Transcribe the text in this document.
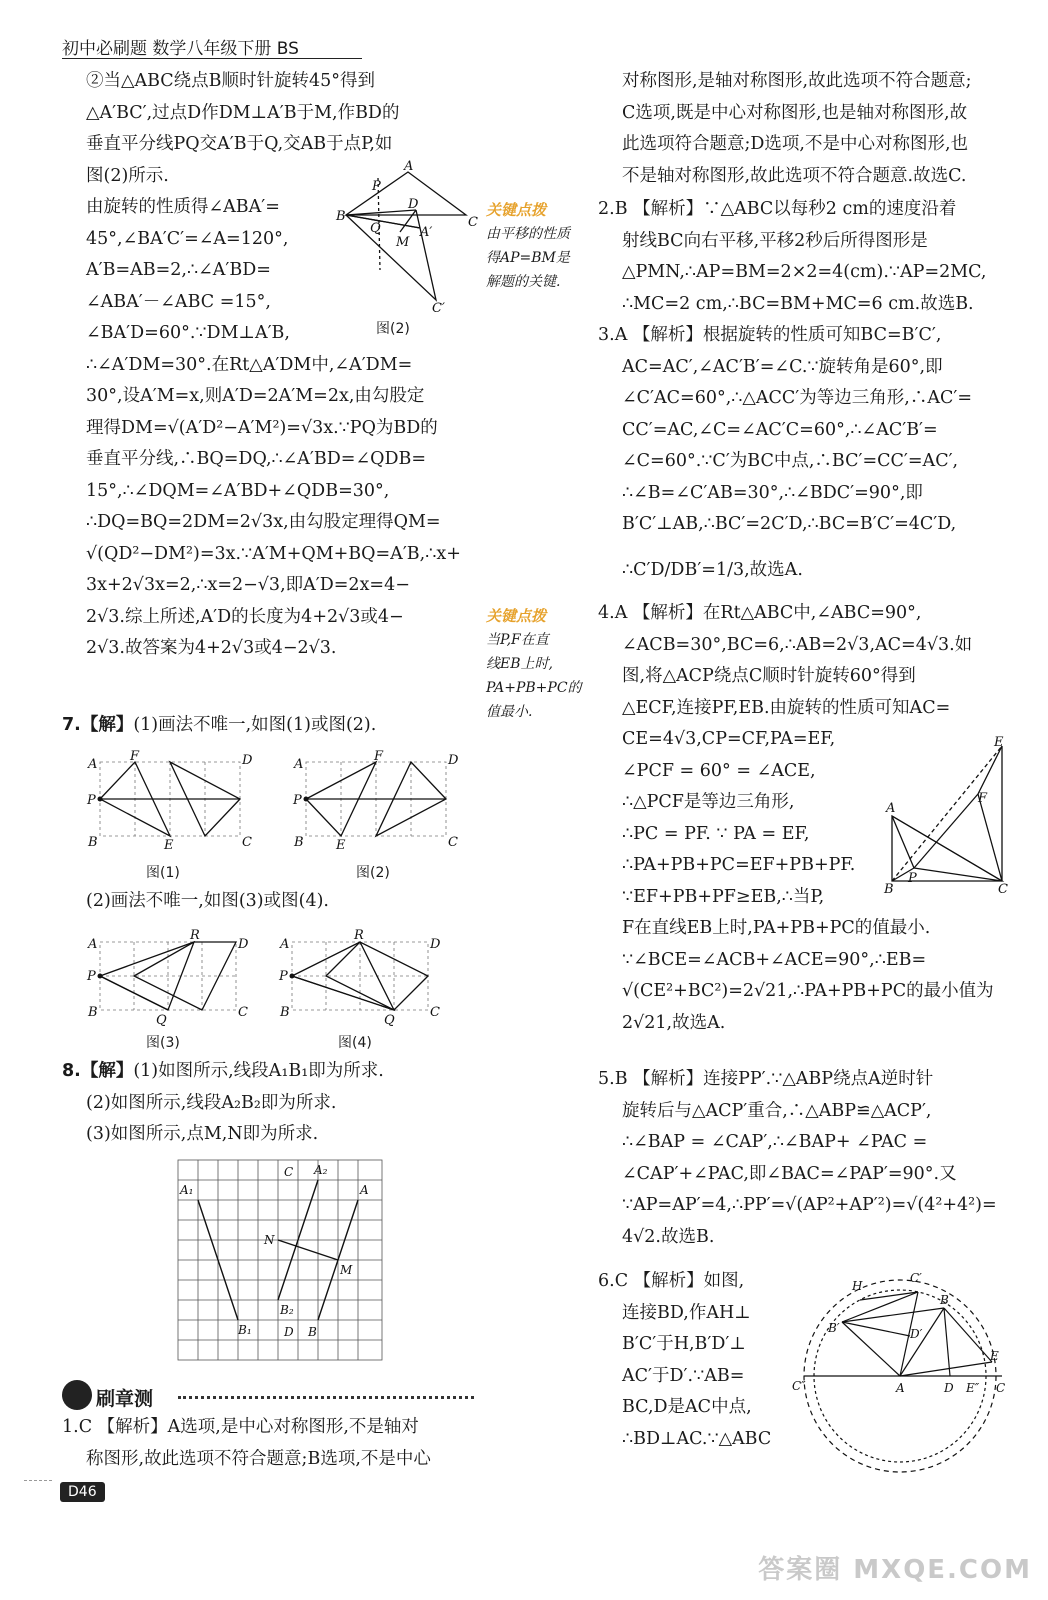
初中必刷题 数学八年级下册 BS

②当△ABC绕点B顺时针旋转45°得到

△A′BC′,过点D作DM⊥A′B于M,作BD的

垂直平分线PQ交A′B于Q,交AB于点P,如

图(2)所示.

由旋转的性质得∠ABA′=

45°,∠BA′C′=∠A=120°,

A′B=AB=2,∴∠A′BD=

∠ABA′－∠ABC =15°,

∠BA′D=60°.∵DM⊥A′B,

∴∠A′DM=30°.在Rt△A′DM中,∠A′DM=

30°,设A′M=x,则A′D=2A′M=2x,由勾股定

理得DM=√(A′D²−A′M²)=√3x.∵PQ为BD的

垂直平分线,∴BQ=DQ,∴∠A′BD=∠QDB=

15°,∴∠DQM=∠A′BD+∠QDB=30°,

∴DQ=BQ=2DM=2√3x,由勾股定理得QM=

√(QD²−DM²)=3x.∵A′M+QM+BQ=A′B,∴x+

3x+2√3x=2,∴x=2−√3,即A′D=2x=4−

2√3.综上所述,A′D的长度为4+2√3或4−

2√3.故答案为4+2√3或4−2√3.

B
A
C
P
D
A′
M
Q
C′
图(2)

7.【解】(1)画法不唯一,如图(1)或图(2).

A
F	D
P
B	E	C
图(1)
A
F	D
P
B E	C
图(2)

(2)画法不唯一,如图(3)或图(4).

A
R
D
P
B
Q
C
图(3)
A
R
D
P
B
Q
C
图(4)

8.【解】(1)如图所示,线段A₁B₁即为所求.

(2)如图所示,线段A₂B₂即为所求.

(3)如图所示,点M,N即为所求.

A₁	A
C A₂
N
M
B₁
B₂
D B
刷章测

1.C 【解析】A选项,是中心对称图形,不是轴对

称图形,故此选项不符合题意;B选项,不是中心

关键点拨
由平移的性质
得AP=BM是
解题的关键.
关键点拨
当P,F在直
线EB上时,
PA+PB+PC的
值最小.

对称图形,是轴对称图形,故此选项不符合题意;

C选项,既是中心对称图形,也是轴对称图形,故

此选项符合题意;D选项,不是中心对称图形,也

不是轴对称图形,故此选项不符合题意.故选C.

2.B 【解析】∵△ABC以每秒2 cm的速度沿着

射线BC向右平移,平移2秒后所得图形是

△PMN,∴AP=BM=2×2=4(cm).∵AP=2MC,

∴MC=2 cm,∴BC=BM+MC=6 cm.故选B.

3.A 【解析】根据旋转的性质可知BC=B′C′,

AC=AC′,∠AC′B′=∠C.∵旋转角是60°,即

∠C′AC=60°,∴△ACC′为等边三角形,∴AC′=

CC′=AC,∠C=∠AC′C=60°,∴∠AC′B′=

∠C=60°.∵C′为BC中点,∴BC′=CC′=AC′,

∴∠B=∠C′AB=30°,∴∠BDC′=90°,即

B′C′⊥AB,∴BC′=2C′D,∴BC=B′C′=4C′D,

∴C′D/DB′=1/3,故选A.

4.A 【解析】在Rt△ABC中,∠ABC=90°,

∠ACB=30°,BC=6,∴AB=2√3,AC=4√3.如

图,将△ACP绕点C顺时针旋转60°得到

△ECF,连接PF,EB.由旋转的性质可知AC=

CE=4√3,CP=CF,PA=EF,

∠PCF = 60° = ∠ACE,

∴△PCF是等边三角形,

∴PC = PF. ∵ PA = EF,

∴PA+PB+PC=EF+PB+PF.

∵EF+PB+PF≥EB,∴当P,

F在直线EB上时,PA+PB+PC的值最小.

∵∠BCE=∠ACB+∠ACE=90°,∴EB=

√(CE²+BC²)=2√21,∴PA+PB+PC的最小值为

2√21,故选A.

A
B	C
E
F
P

5.B 【解析】连接PP′.∵△ABP绕点A逆时针

旋转后与△ACP′重合,∴△ABP≌△ACP′,

∴∠BAP = ∠CAP′,∴∠BAP+ ∠PAC =

∠CAP′+∠PAC,即∠BAC=∠PAP′=90°.又

∵AP=AP′=4,∴PP′=√(AP²+AP′²)=√(4²+4²)=

4√2.故选B.

6.C 【解析】如图,

连接BD,作AH⊥

B′C′于H,B′D′⊥

AC′于D′.∵AB=

BC,D是AC中点,

∴BD⊥AC.∵△ABC

H
C′
B
B′	D′
C″	A	D E″ C
E
D46
答案圈 MXQE.COM
